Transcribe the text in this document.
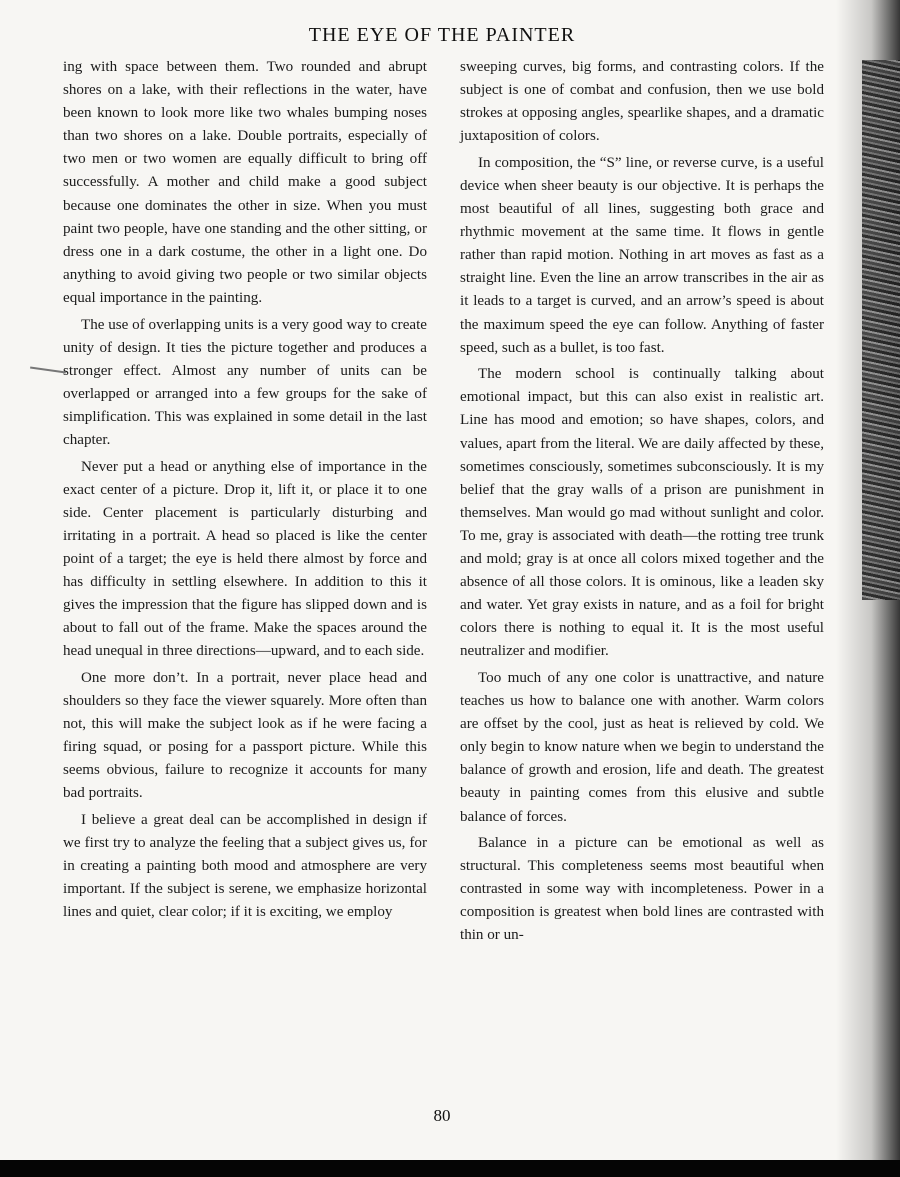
THE EYE OF THE PAINTER

ing with space between them. Two rounded and abrupt shores on a lake, with their reflections in the water, have been known to look more like two whales bumping noses than two shores on a lake. Double portraits, especially of two men or two women are equally difficult to bring off successfully. A mother and child make a good subject because one dominates the other in size. When you must paint two people, have one standing and the other sitting, or dress one in a dark costume, the other in a light one. Do anything to avoid giving two people or two similar objects equal importance in the painting.

The use of overlapping units is a very good way to create unity of design. It ties the picture together and produces a stronger effect. Almost any number of units can be overlapped or arranged into a few groups for the sake of simplification. This was explained in some detail in the last chapter.

Never put a head or anything else of importance in the exact center of a picture. Drop it, lift it, or place it to one side. Center placement is particularly disturbing and irritating in a portrait. A head so placed is like the center point of a target; the eye is held there almost by force and has difficulty in settling elsewhere. In addition to this it gives the impression that the figure has slipped down and is about to fall out of the frame. Make the spaces around the head unequal in three directions—upward, and to each side.

One more don’t. In a portrait, never place head and shoulders so they face the viewer squarely. More often than not, this will make the subject look as if he were facing a firing squad, or posing for a passport picture. While this seems obvious, failure to recognize it accounts for many bad portraits.

I believe a great deal can be accomplished in design if we first try to analyze the feeling that a subject gives us, for in creating a painting both mood and atmosphere are very important. If the subject is serene, we emphasize horizontal lines and quiet, clear color; if it is exciting, we employ

sweeping curves, big forms, and contrasting colors. If the subject is one of combat and confusion, then we use bold strokes at opposing angles, spearlike shapes, and a dramatic juxtaposition of colors.

In composition, the “S” line, or reverse curve, is a useful device when sheer beauty is our objective. It is perhaps the most beautiful of all lines, suggesting both grace and rhythmic movement at the same time. It flows in gentle rather than rapid motion. Nothing in art moves as fast as a straight line. Even the line an arrow transcribes in the air as it leads to a target is curved, and an arrow’s speed is about the maximum speed the eye can follow. Anything of faster speed, such as a bullet, is too fast.

The modern school is continually talking about emotional impact, but this can also exist in realistic art. Line has mood and emotion; so have shapes, colors, and values, apart from the literal. We are daily affected by these, sometimes consciously, sometimes subconsciously. It is my belief that the gray walls of a prison are punishment in themselves. Man would go mad without sunlight and color. To me, gray is associated with death—the rotting tree trunk and mold; gray is at once all colors mixed together and the absence of all those colors. It is ominous, like a leaden sky and water. Yet gray exists in nature, and as a foil for bright colors there is nothing to equal it. It is the most useful neutralizer and modifier.

Too much of any one color is unattractive, and nature teaches us how to balance one with another. Warm colors are offset by the cool, just as heat is relieved by cold. We only begin to know nature when we begin to understand the balance of growth and erosion, life and death. The greatest beauty in painting comes from this elusive and subtle balance of forces.

Balance in a picture can be emotional as well as structural. This completeness seems most beautiful when contrasted in some way with incompleteness. Power in a composition is greatest when bold lines are contrasted with thin or un-

80
